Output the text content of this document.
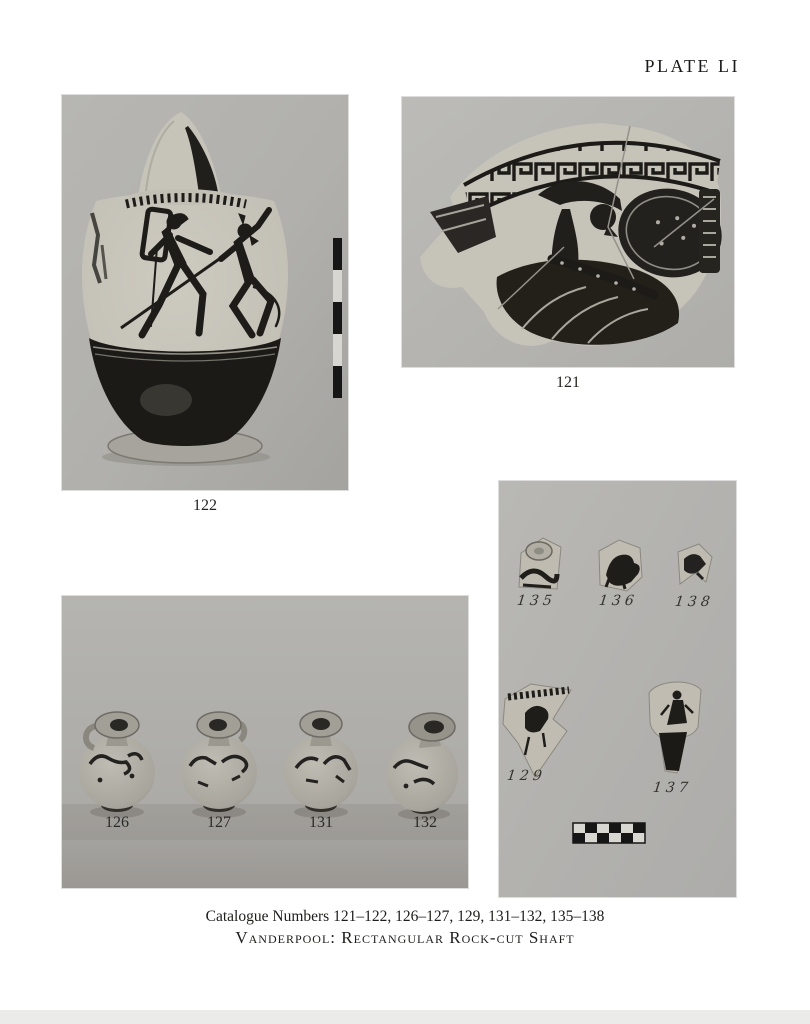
PLATE LI
122
121
126	127	131	132
135	136	138
129
137
Catalogue Numbers 121–122, 126–127, 129, 131–132, 135–138
Vanderpool: Rectangular Rock-cut Shaft
